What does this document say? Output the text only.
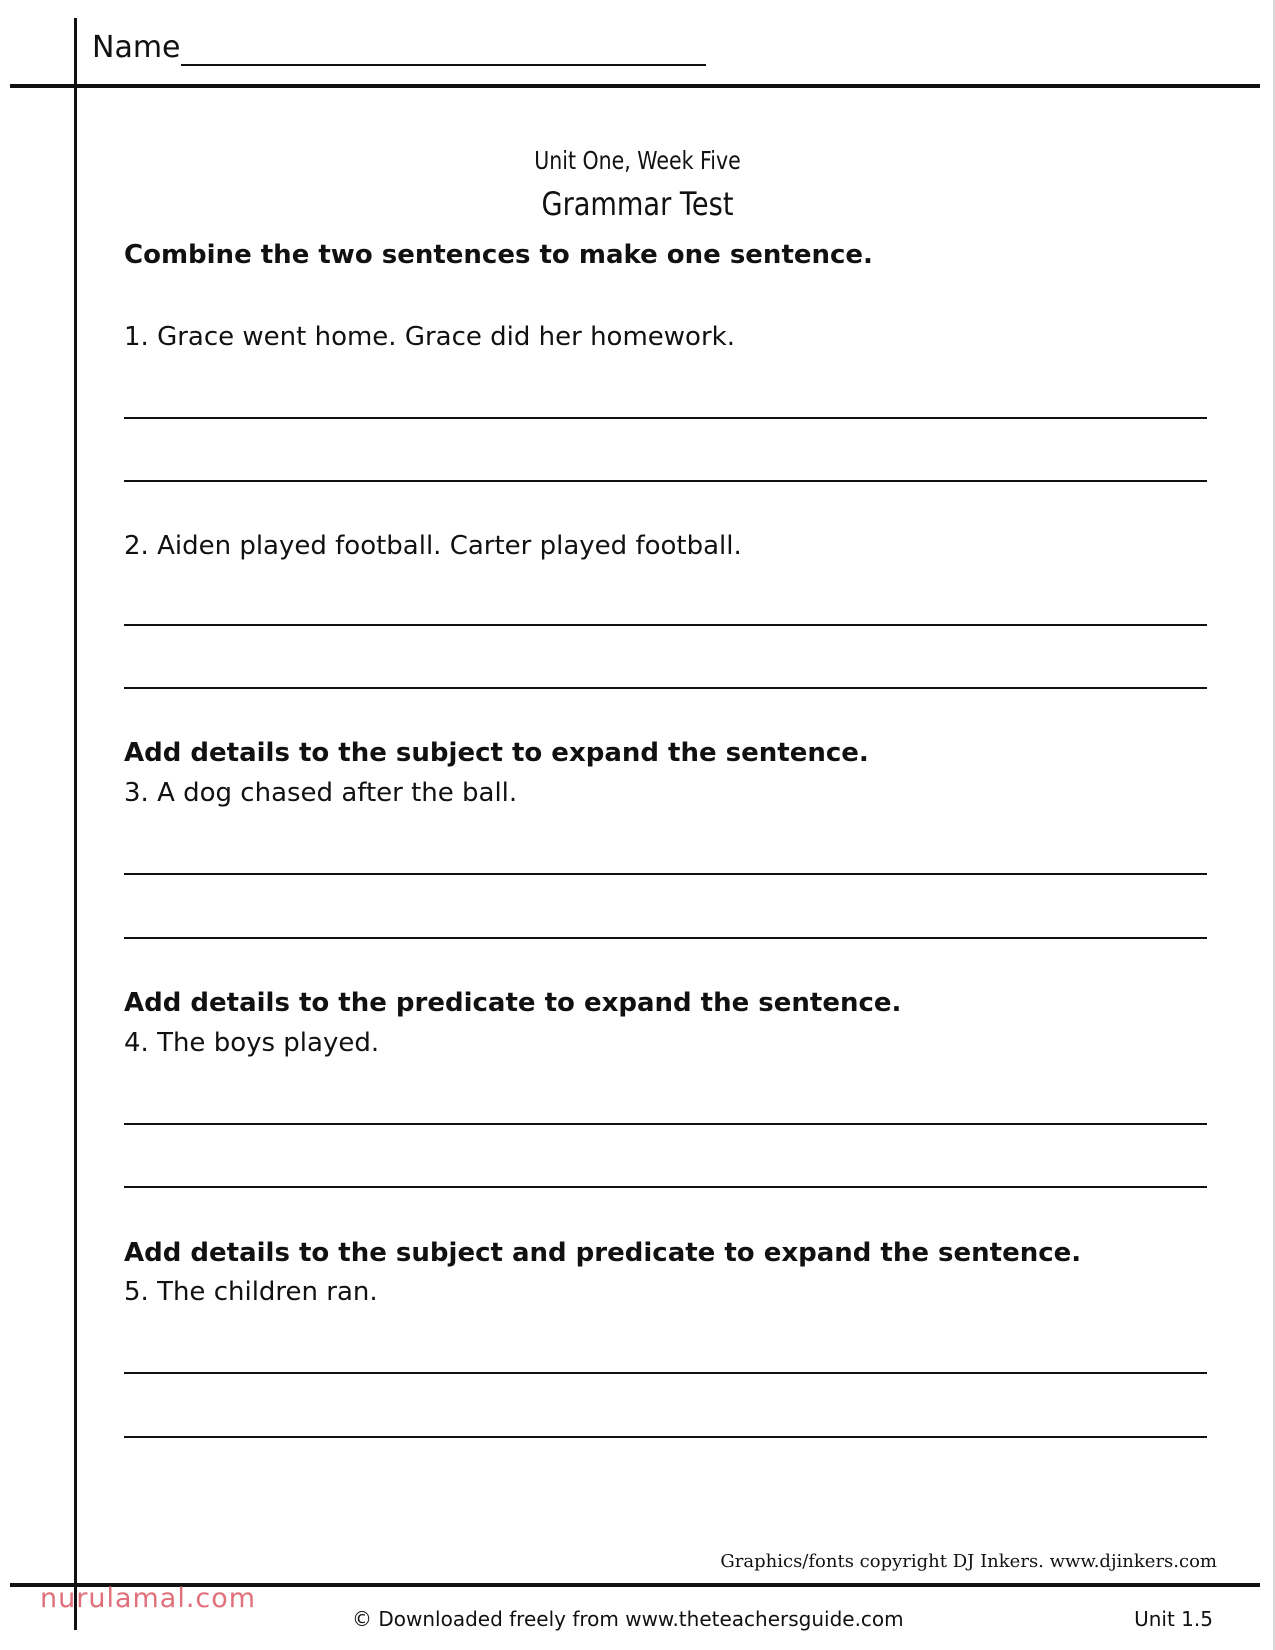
Name
Unit One, Week Five
Grammar Test
Combine the two sentences to make one sentence.
1. Grace went home. Grace did her homework.
2. Aiden played football. Carter played football.
Add details to the subject to expand the sentence.
3. A dog chased after the ball.
Add details to the predicate to expand the sentence.
4. The boys played.
Add details to the subject and predicate to expand the sentence.
5. The children ran.
Graphics/fonts copyright DJ Inkers. www.djinkers.com
nurulamal.com
© Downloaded freely from www.theteachersguide.com	Unit 1.5
